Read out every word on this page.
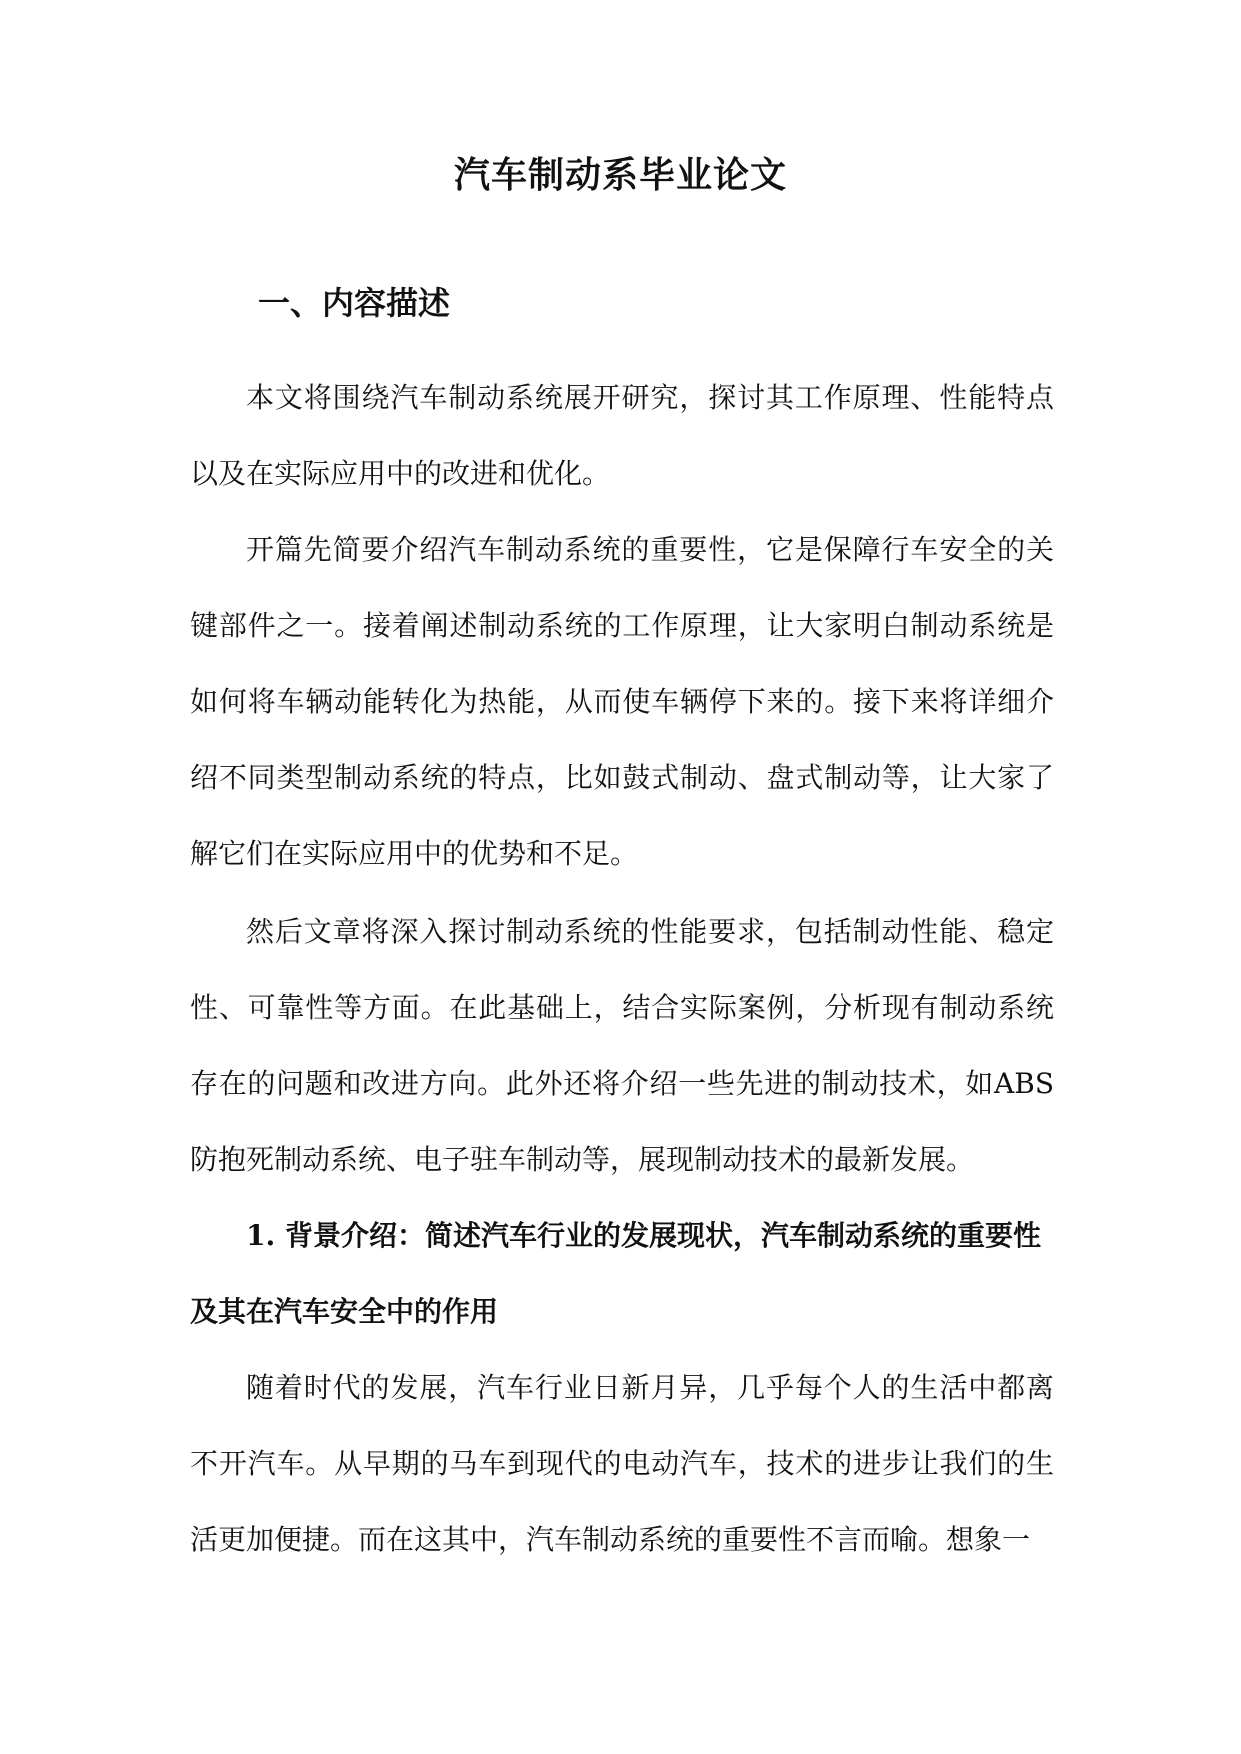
汽车制动系毕业论文
一、内容描述

本文将围绕汽车制动系统展开研究，探讨其工作原理、性能特点以及在实际应用中的改进和优化。

开篇先简要介绍汽车制动系统的重要性，它是保障行车安全的关键部件之一。接着阐述制动系统的工作原理，让大家明白制动系统是如何将车辆动能转化为热能，从而使车辆停下来的。接下来将详细介绍不同类型制动系统的特点，比如鼓式制动、盘式制动等，让大家了解它们在实际应用中的优势和不足。

然后文章将深入探讨制动系统的性能要求，包括制动性能、稳定性、可靠性等方面。在此基础上，结合实际案例，分析现有制动系统存在的问题和改进方向。此外还将介绍一些先进的制动技术，如ABS防抱死制动系统、电子驻车制动等，展现制动技术的最新发展。

1. 背景介绍：简述汽车行业的发展现状，汽车制动系统的重要性及其在汽车安全中的作用

随着时代的发展，汽车行业日新月异，几乎每个人的生活中都离不开汽车。从早期的马车到现代的电动汽车，技术的进步让我们的生活更加便捷。而在这其中，汽车制动系统的重要性不言而喻。想象一
